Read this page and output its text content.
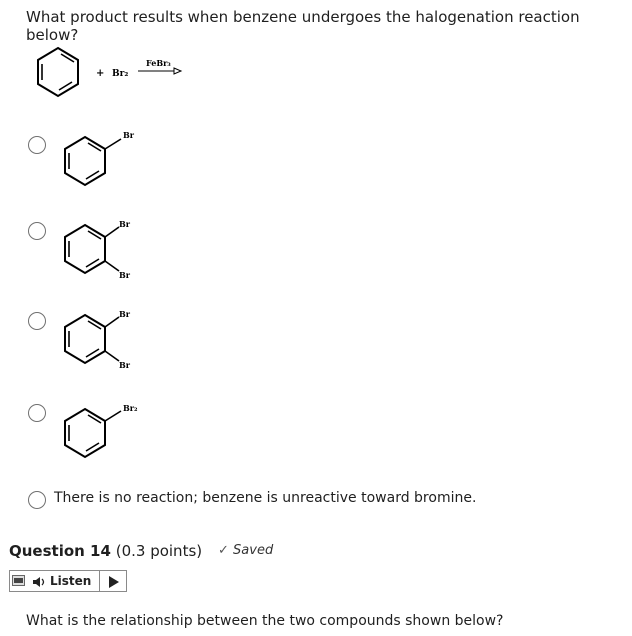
What product results when benzene undergoes the halogenation reaction below?
+ Br₂
FeBr₃
Br
Br
Br
Br
Br
Br₂
There is no reaction; benzene is unreactive toward bromine.
Question 14 (0.3 points) ✓ Saved
Listen
What is the relationship between the two compounds shown below?
